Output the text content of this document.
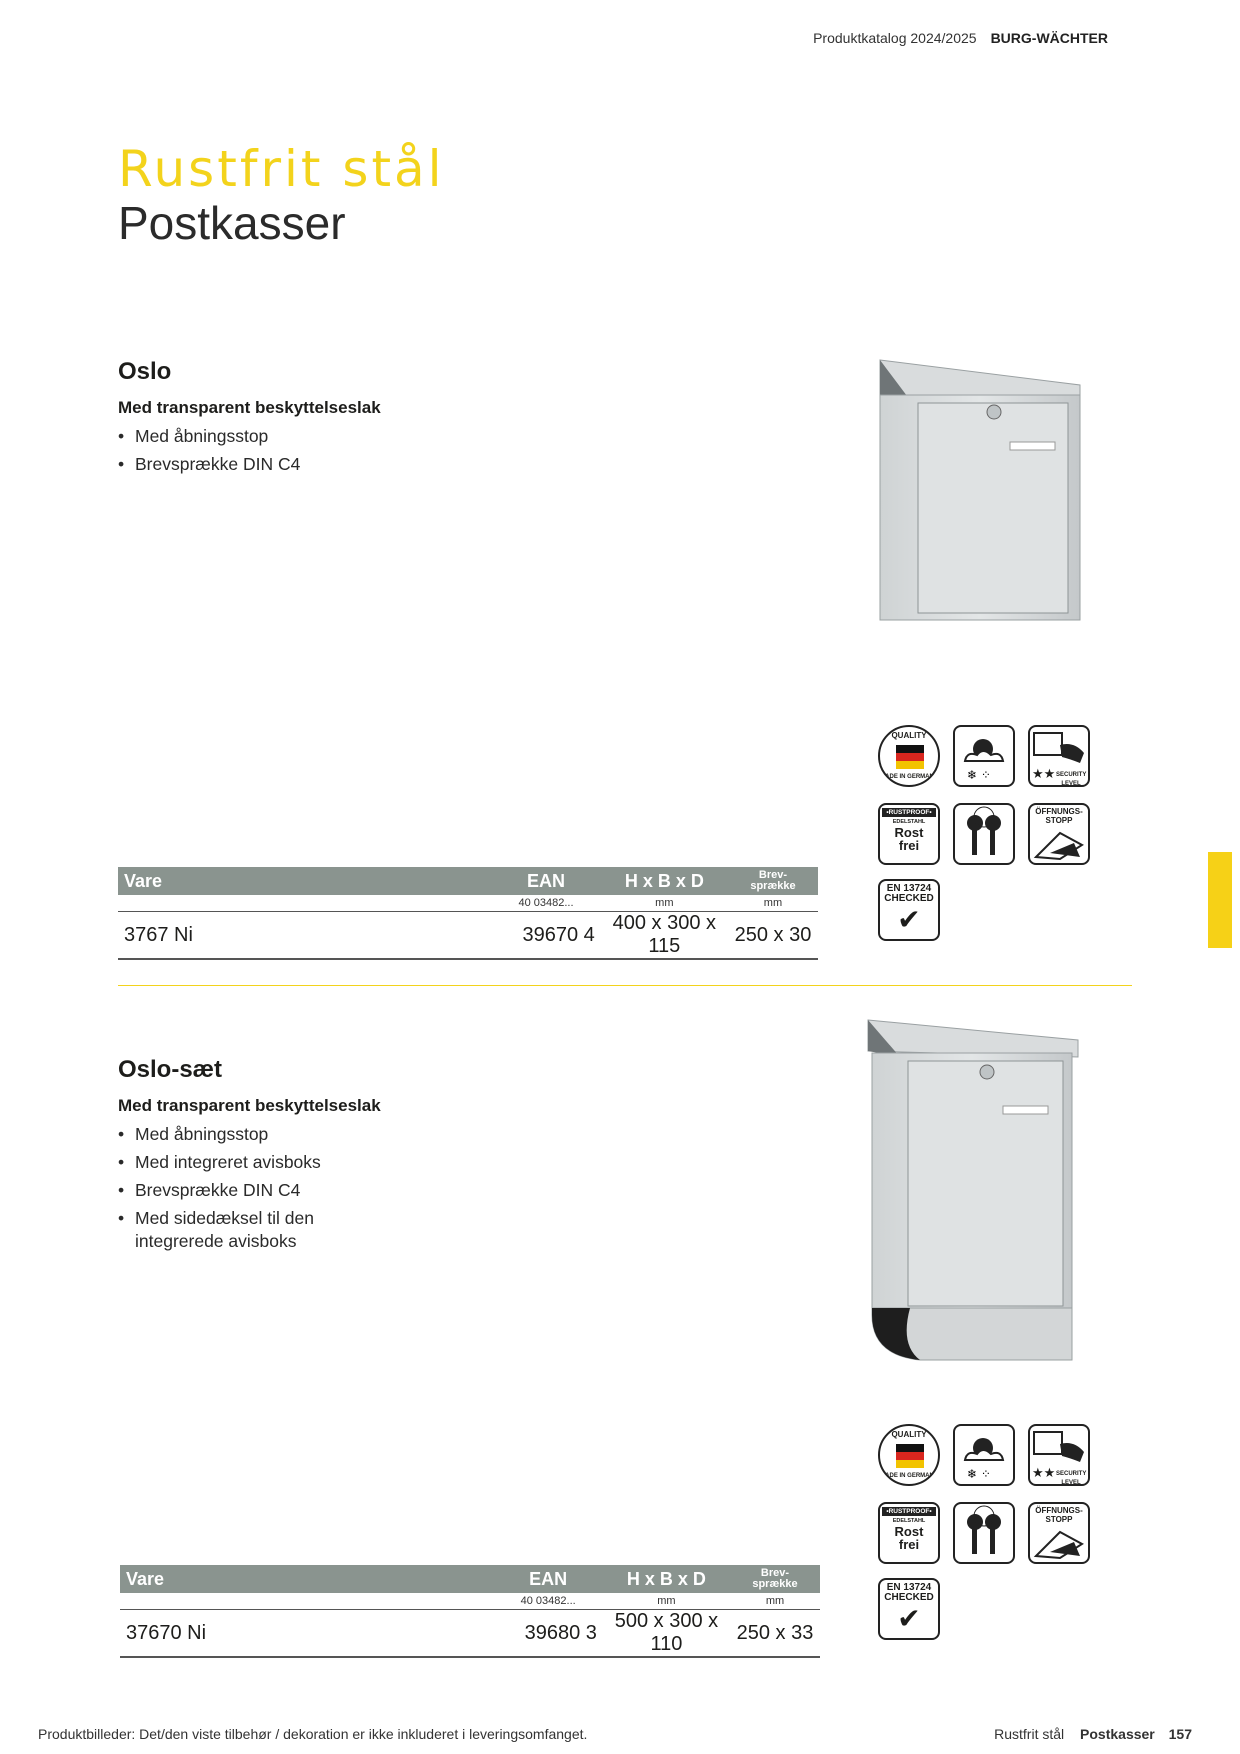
Produktkatalog 2024/2025 BURG-WÄCHTER
Rustfrit stål
Postkasser
Oslo
Med transparent beskyttelseslak
• Med åbningsstop
• Brevsprække DIN C4
QUALITY
MADE IN GERMANY ❄ ⁘	★★ SECURITY LEVEL
•RUSTPROOF•
EDELSTAHL
Rost
frei
ÖFFNUNGS- STOPP
EN 13724
CHECKED
✔
Vare	EAN	H x B x D	Brev-
sprække

	40 03482...	mm	mm
3767 Ni	39670 4	400 x 300 x 115	250 x 30
Oslo-sæt
Med transparent beskyttelseslak
• Med åbningsstop
• Med integreret avisboks
• Brevsprække DIN C4
• Med sidedæksel til den integrerede avisboks
QUALITY
MADE IN GERMANY ❄ ⁘	★★ SECURITY LEVEL
•RUSTPROOF•
EDELSTAHL
Rost
frei
ÖFFNUNGS- STOPP
EN 13724
CHECKED
✔
Vare	EAN	H x B x D	Brev-
sprække

	40 03482...	mm	mm
37670 Ni	39680 3	500 x 300 x 110	250 x 33
Produktbilleder: Det/den viste tilbehør / dekoration er ikke inkluderet i leveringsomfanget.	Rustfrit stål Postkasser 157
